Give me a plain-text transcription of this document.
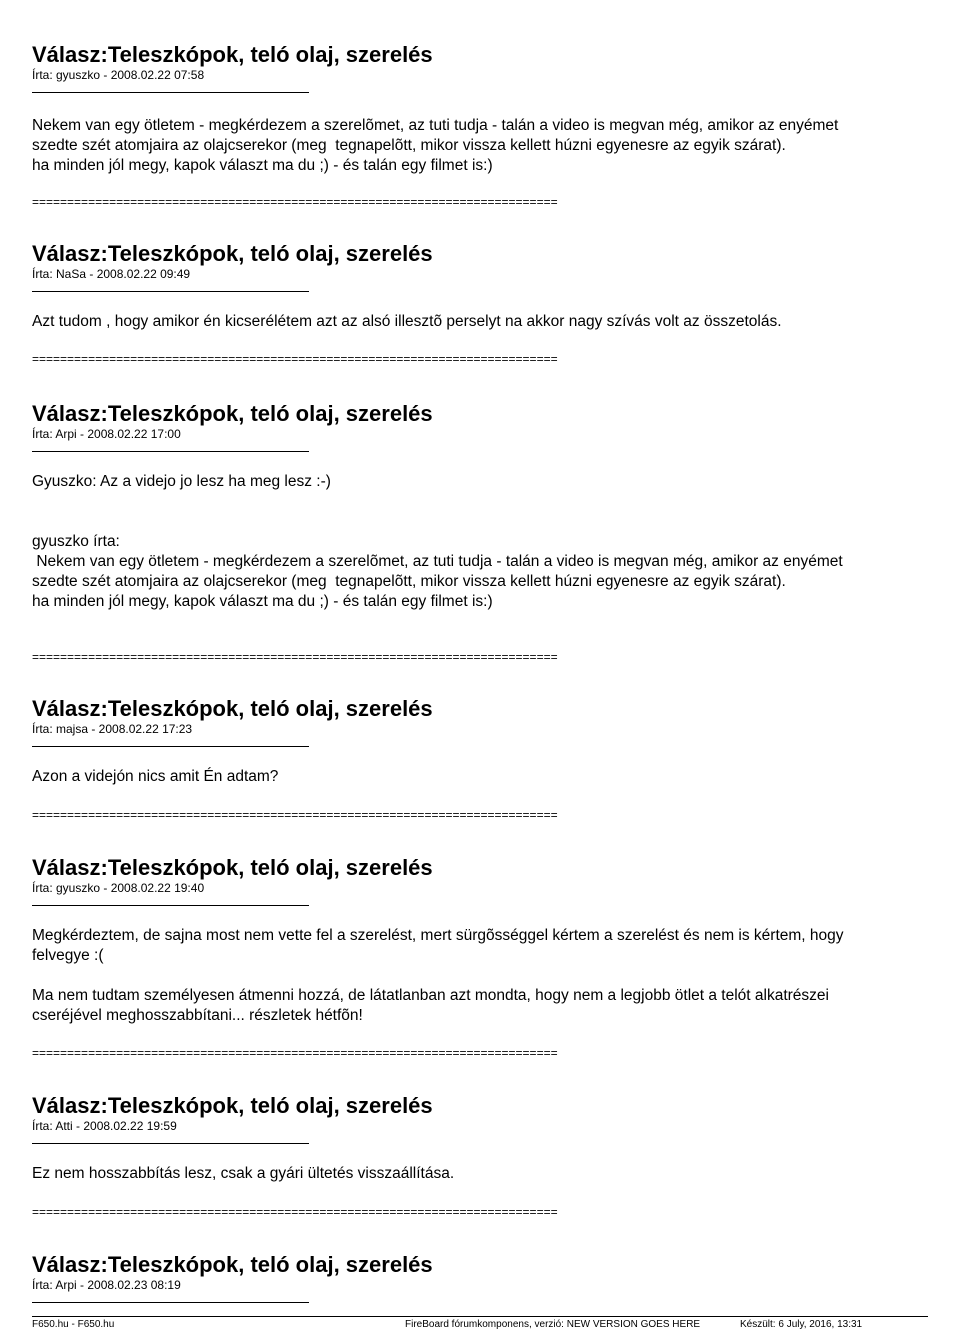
Válasz:Teleszkópok, teló olaj, szerelés

Írta: gyuszko - 2008.02.22 07:58

Nekem van egy ötletem - megkérdezem a szerelõmet, az tuti tudja - talán a video is megvan még, amikor az enyémet
szedte szét atomjaira az olajcserekor (meg  tegnapelõtt, mikor vissza kellett húzni egyenesre az egyik szárat).
ha minden jól megy, kapok választ ma du ;) - és talán egy filmet is:)

===========================================================================
Válasz:Teleszkópok, teló olaj, szerelés

Írta: NaSa - 2008.02.22 09:49

Azt tudom , hogy amikor én kicserélétem azt az alsó illesztõ perselyt na akkor nagy szívás volt az összetolás.

===========================================================================
Válasz:Teleszkópok, teló olaj, szerelés

Írta: Arpi - 2008.02.22 17:00

Gyuszko: Az a videjo jo lesz ha meg lesz :-)

gyuszko írta:
Nekem van egy ötletem - megkérdezem a szerelõmet, az tuti tudja - talán a video is megvan még, amikor az enyémet
szedte szét atomjaira az olajcserekor (meg  tegnapelõtt, mikor vissza kellett húzni egyenesre az egyik szárat).
ha minden jól megy, kapok választ ma du ;) - és talán egy filmet is:)

===========================================================================
Válasz:Teleszkópok, teló olaj, szerelés

Írta: majsa - 2008.02.22 17:23

Azon a videjón nics amit Én adtam?

===========================================================================
Válasz:Teleszkópok, teló olaj, szerelés

Írta: gyuszko - 2008.02.22 19:40

Megkérdeztem, de sajna most nem vette fel a szerelést, mert sürgõsséggel kértem a szerelést és nem is kértem, hogy
felvegye :(

Ma nem tudtam személyesen átmenni hozzá, de látatlanban azt mondta, hogy nem a legjobb ötlet a telót alkatrészei
cseréjével meghosszabbítani... részletek hétfõn!

===========================================================================
Válasz:Teleszkópok, teló olaj, szerelés

Írta: Atti - 2008.02.22 19:59

Ez nem hosszabbítás lesz, csak a gyári ültetés visszaállítása.

===========================================================================
Válasz:Teleszkópok, teló olaj, szerelés

Írta: Arpi - 2008.02.23 08:19

F650.hu - F650.hu	FireBoard fórumkomponens, verzió: NEW VERSION GOES HERE	Készült: 6 July, 2016, 13:31
